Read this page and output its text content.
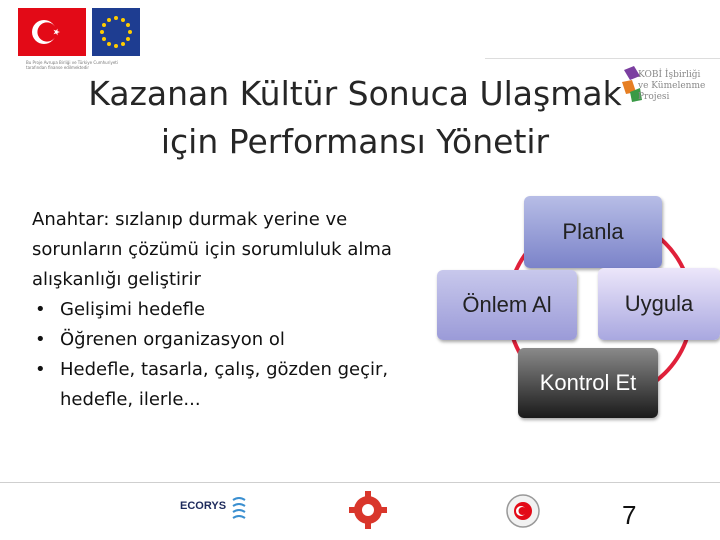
Bu Proje Avrupa Birliği ve Türkiye Cumhuriyeti tarafından finanse edilmektedir
KOBİ İşbirliği
ve Kümelenme
Projesi
Kazanan Kültür Sonuca Ulaşmak
için Performansı Yönetir

Anahtar: sızlanıp durmak yerine ve sorunların çözümü için sorumluluk alma alışkanlığı geliştirir

• Gelişimi hedefle
• Öğrenen organizasyon ol
• Hedefle, tasarla, çalış, gözden geçir, hedefle, ilerle...
Planla
Önlem Al	Uygula
Kontrol Et
ECORYS	7
